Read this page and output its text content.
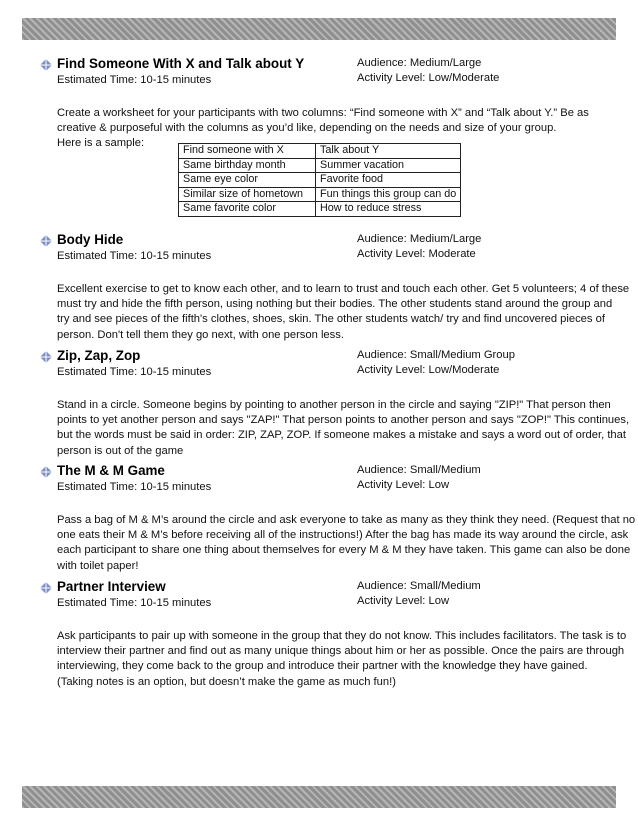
Find Someone With X and Talk about Y
Estimated Time: 10-15 minutes
Audience: Medium/Large
Activity Level: Low/Moderate
Create a worksheet for your participants with two columns: “Find someone with X” and “Talk about Y.” Be as
creative & purposeful with the columns as you’d like, depending on the needs and size of your group.
Here is a sample:
Find someone with X	Talk about Y
Same birthday month	Summer vacation
Same eye color	Favorite food
Similar size of hometown	Fun things this group can do
Same favorite color	How to reduce stress
Body Hide
Estimated Time: 10-15 minutes
Audience: Medium/Large
Activity Level: Moderate
Excellent exercise to get to know each other, and to learn to trust and touch each other. Get 5 volunteers; 4 of these
must try and hide the fifth person, using nothing but their bodies. The other students stand around the group and
try and see pieces of the fifth's clothes, shoes, skin. The other students watch/ try and find uncovered pieces of
person. Don't tell them they go next, with one person less.
Zip, Zap, Zop
Estimated Time: 10-15 minutes
Audience: Small/Medium Group
Activity Level: Low/Moderate
Stand in a circle. Someone begins by pointing to another person in the circle and saying "ZIP!" That person then
points to yet another person and says "ZAP!" That person points to another person and says "ZOP!" This continues,
but the words must be said in order: ZIP, ZAP, ZOP. If someone makes a mistake and says a word out of order, that
person is out of the game
The M & M Game
Estimated Time: 10-15 minutes
Audience: Small/Medium
Activity Level: Low
Pass a bag of M & M’s around the circle and ask everyone to take as many as they think they need. (Request that no
one eats their M & M’s before receiving all of the instructions!) After the bag has made its way around the circle, ask
each participant to share one thing about themselves for every M & M they have taken. This game can also be done
with toilet paper!
Partner Interview
Estimated Time: 10-15 minutes
Audience: Small/Medium
Activity Level: Low
Ask participants to pair up with someone in the group that they do not know. This includes facilitators. The task is to
interview their partner and find out as many unique things about him or her as possible. Once the pairs are through
interviewing, they come back to the group and introduce their partner with the knowledge they have gained.
(Taking notes is an option, but doesn’t make the game as much fun!)
